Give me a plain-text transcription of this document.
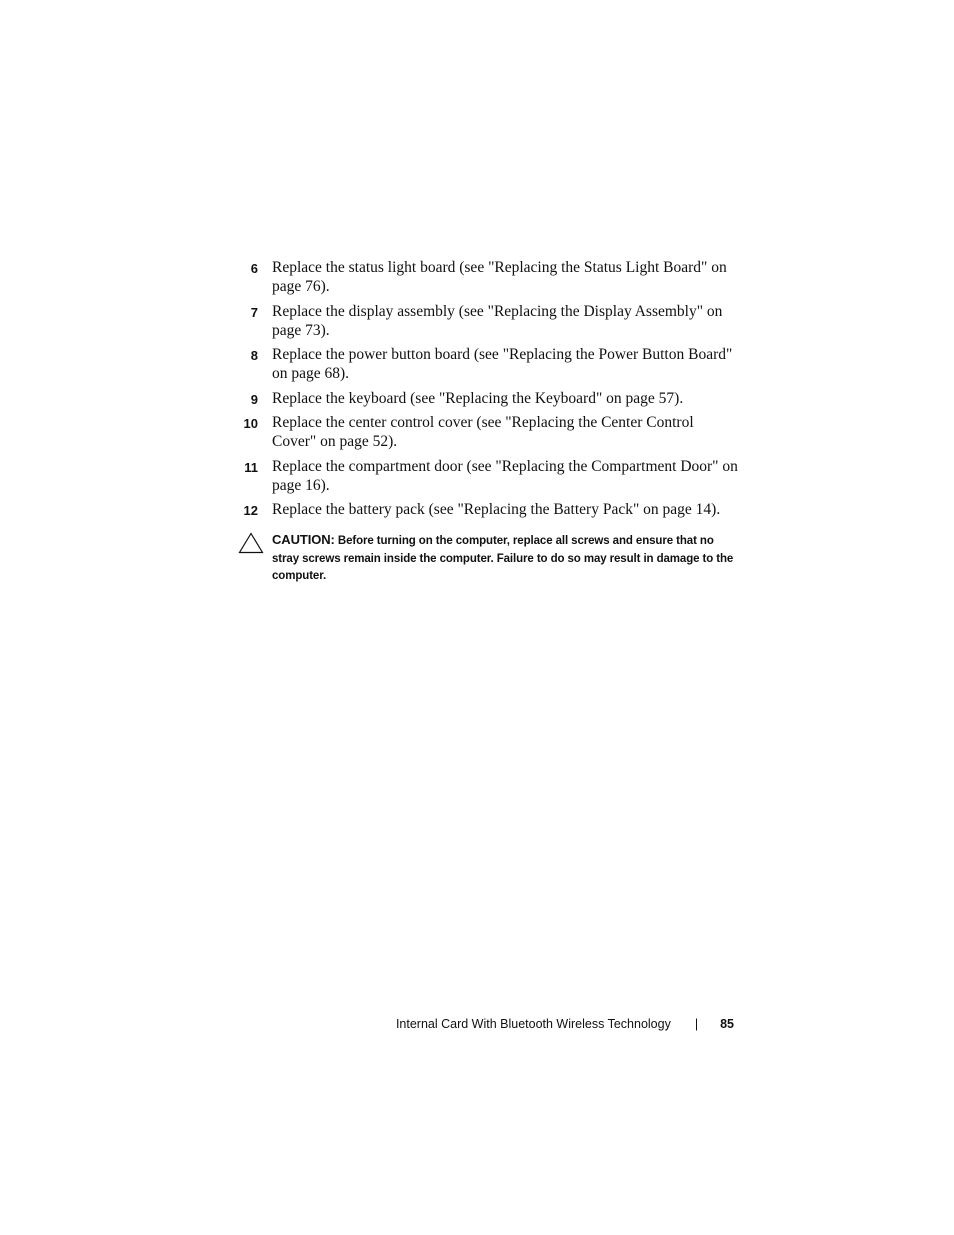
6 Replace the status light board (see "Replacing the Status Light Board" on page 76).
7 Replace the display assembly (see "Replacing the Display Assembly" on page 73).
8 Replace the power button board (see "Replacing the Power Button Board" on page 68).
9 Replace the keyboard (see "Replacing the Keyboard" on page 57).
10 Replace the center control cover (see "Replacing the Center Control Cover" on page 52).
11 Replace the compartment door (see "Replacing the Compartment Door" on page 16).
12 Replace the battery pack (see "Replacing the Battery Pack" on page 14).
CAUTION: Before turning on the computer, replace all screws and ensure that no stray screws remain inside the computer. Failure to do so may result in damage to the computer.
Internal Card With Bluetooth Wireless Technology | 85
